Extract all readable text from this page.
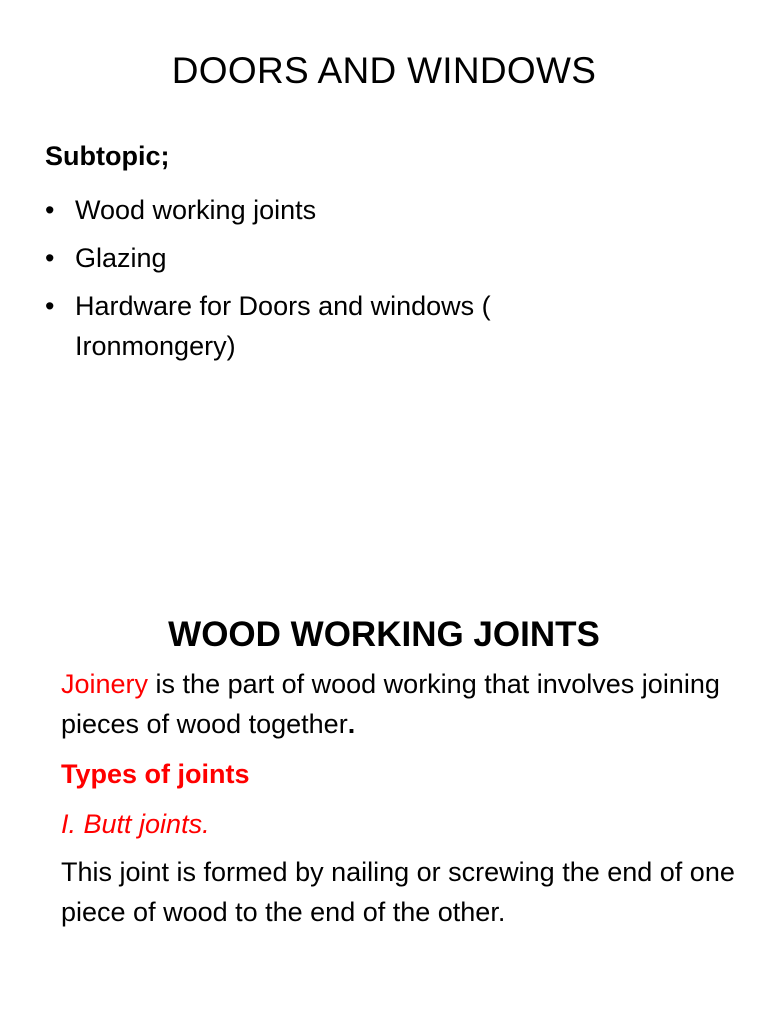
DOORS AND WINDOWS
Subtopic;
• Wood working joints
• Glazing
• Hardware for Doors and windows ( Ironmongery)
WOOD WORKING JOINTS
Joinery is the part of wood working that involves joining pieces of wood together.
Types of joints
I. Butt joints.
This joint is formed by nailing or screwing the end of one piece of wood to the end of the other.
